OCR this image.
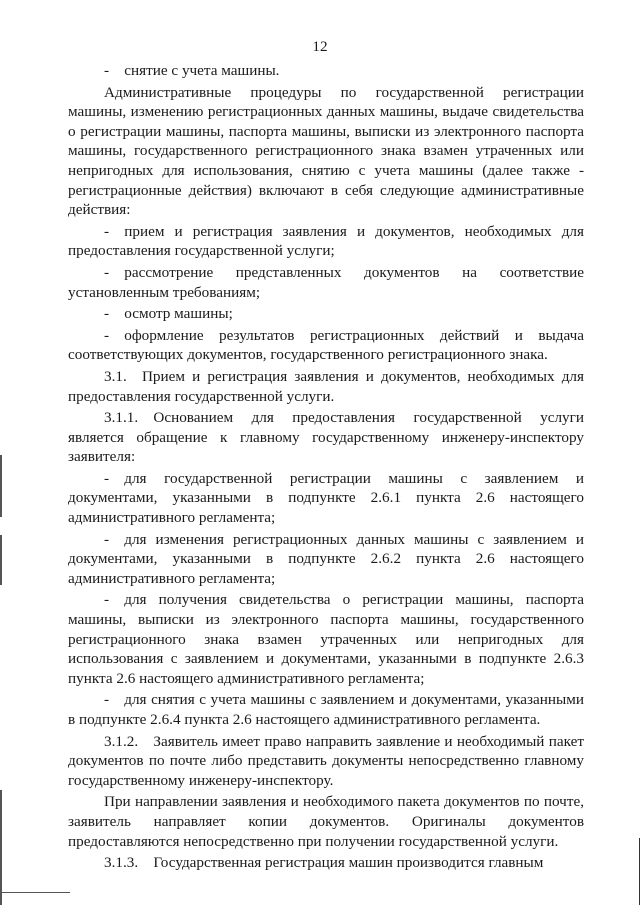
12

- снятие с учета машины.

Административные процедуры по государственной регистрации машины, изменению регистрационных данных машины, выдаче свидетельства о регистрации машины, паспорта машины, выписки из электронного паспорта машины, государственного регистрационного знака взамен утраченных или непригодных для использования, снятию с учета машины (далее также - регистрационные действия) включают в себя следующие административные действия:

- прием и регистрация заявления и документов, необходимых для предоставления государственной услуги;

- рассмотрение представленных документов на соответствие установленным требованиям;

- осмотр машины;

- оформление результатов регистрационных действий и выдача соответствующих документов, государственного регистрационного знака.

3.1. Прием и регистрация заявления и документов, необходимых для предоставления государственной услуги.

3.1.1. Основанием для предоставления государственной услуги является обращение к главному государственному инженеру-инспектору заявителя:

- для государственной регистрации машины с заявлением и документами, указанными в подпункте 2.6.1 пункта 2.6 настоящего административного регламента;

- для изменения регистрационных данных машины с заявлением и документами, указанными в подпункте 2.6.2 пункта 2.6 настоящего административного регламента;

- для получения свидетельства о регистрации машины, паспорта машины, выписки из электронного паспорта машины, государственного регистрационного знака взамен утраченных или непригодных для использования с заявлением и документами, указанными в подпункте 2.6.3 пункта 2.6 настоящего административного регламента;

- для снятия с учета машины с заявлением и документами, указанными в подпункте 2.6.4 пункта 2.6 настоящего административного регламента.

3.1.2. Заявитель имеет право направить заявление и необходимый пакет документов по почте либо представить документы непосредственно главному государственному инженеру-инспектору.

При направлении заявления и необходимого пакета документов по почте, заявитель направляет копии документов. Оригиналы документов предоставляются непосредственно при получении государственной услуги.

3.1.3. Государственная регистрация машин производится главным
